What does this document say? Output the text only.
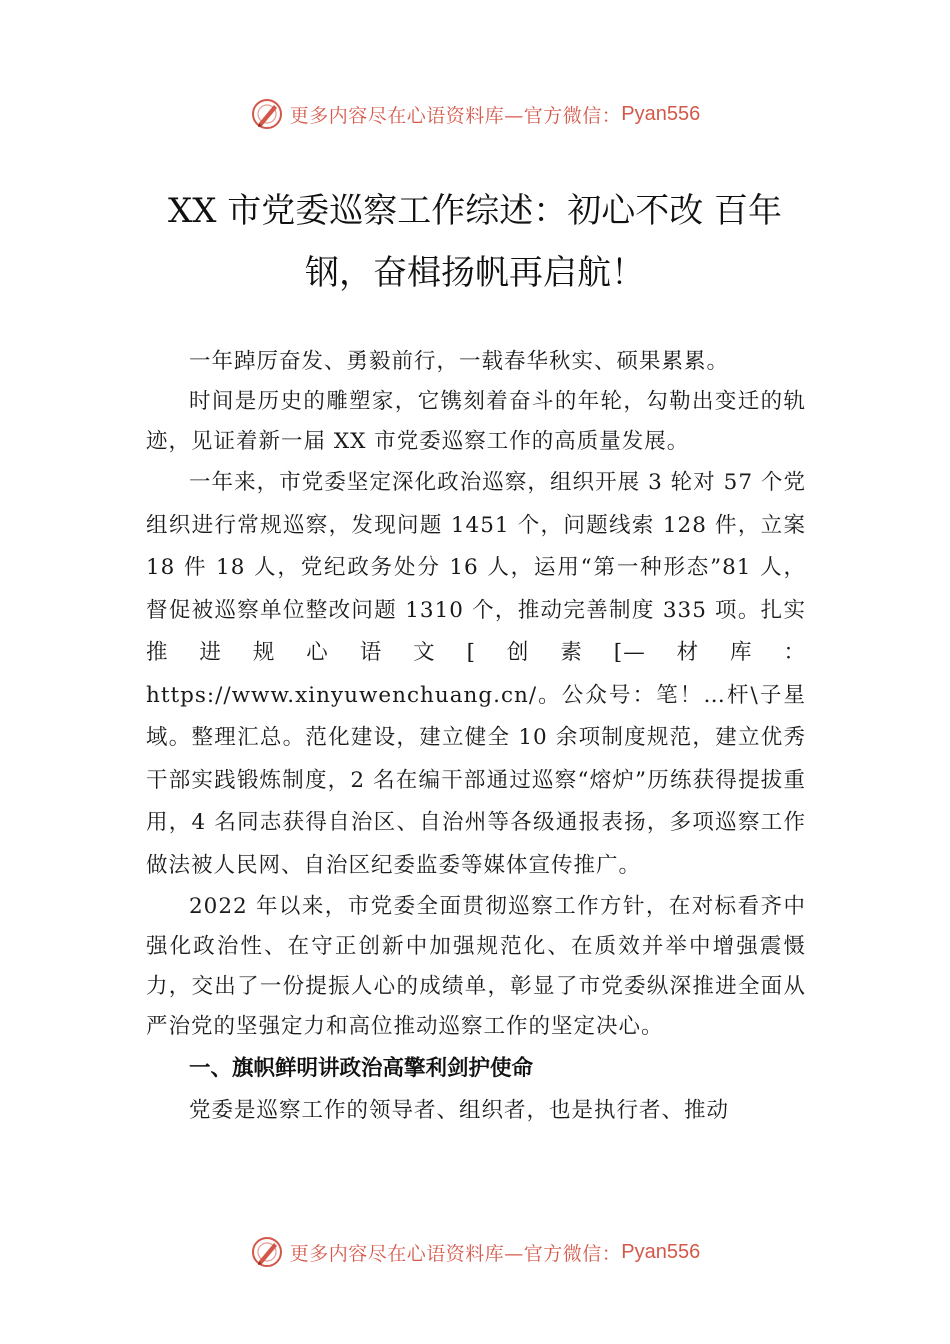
更多内容尽在心语资料库—官方微信： Pyan556
XX 市党委巡察工作综述：初心不改 百年
钢，奋楫扬帆再启航！

一年踔厉奋发、勇毅前行，一载春华秋实、硕果累累。

时间是历史的雕塑家，它镌刻着奋斗的年轮，勾勒出变迁的轨迹，见证着新一届 XX 市党委巡察工作的高质量发展。

一年来，市党委坚定深化政治巡察，组织开展 3 轮对 57 个党组织进行常规巡察，发现问题 1451 个，问题线索 128 件，立案 18 件 18 人，党纪政务处分 16 人，运用“第一种形态”81 人，督促被巡察单位整改问题 1310 个，推动完善制度 335 项。扎实推进规心语文[创素[—材库：https://www.xinyuwenchuang.cn/。公众号：笔！…杆\子星域。整理汇总。范化建设，建立健全 10 余项制度规范，建立优秀干部实践锻炼制度，2 名在编干部通过巡察“熔炉”历练获得提拔重用，4 名同志获得自治区、自治州等各级通报表扬，多项巡察工作做法被人民网、自治区纪委监委等媒体宣传推广。

2022 年以来，市党委全面贯彻巡察工作方针，在对标看齐中强化政治性、在守正创新中加强规范化、在质效并举中增强震慑力，交出了一份提振人心的成绩单，彰显了市党委纵深推进全面从严治党的坚强定力和高位推动巡察工作的坚定决心。

一、旗帜鲜明讲政治高擎利剑护使命

党委是巡察工作的领导者、组织者，也是执行者、推动

更多内容尽在心语资料库—官方微信： Pyan556
